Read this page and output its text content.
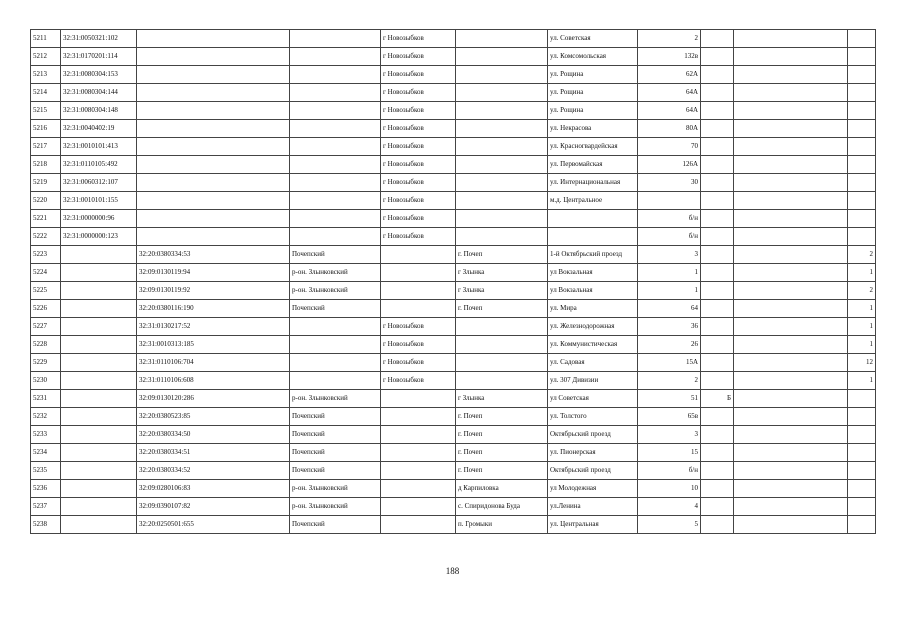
5211	32:31:0050321:102			г Новозыбков		ул. Советская	2			
5212	32:31:0170201:114			г Новозыбков		ул. Комсомольская	132в			
5213	32:31:0080304:153			г Новозыбков		ул. Рощина	62А			
5214	32:31:0080304:144			г Новозыбков		ул. Рощина	64А			
5215	32:31:0080304:148			г Новозыбков		ул. Рощина	64А			
5216	32:31:0040402:19			г Новозыбков		ул. Некрасова	80А			
5217	32:31:0010101:413			г Новозыбков		ул. Красногвардейская	70			
5218	32:31:0110105:492			г Новозыбков		ул. Первомайская	126А			
5219	32:31:0060312:107			г Новозыбков		ул. Интернациональная	30			
5220	32:31:0010101:155			г Новозыбков		м.д. Центральное				
5221	32:31:0000000:96			г Новозыбков			б/н			
5222	32:31:0000000:123			г Новозыбков			б/н			
5223		32:20:0380334:53	Почепский		г. Почеп	1-й Октябрьский проезд	3			2
5224		32:09:0130119:94	р-он. Злынковский		г Злынка	ул Вокзальная	1			1
5225		32:09:0130119:92	р-он. Злынковский		г Злынка	ул Вокзальная	1			2
5226		32:20:0380116:190	Почепский		г. Почеп	ул. Мира	64			1
5227		32:31:0130217:52		г Новозыбков		ул. Железнодорожная	36			1
5228		32:31:0010313:185		г Новозыбков		ул. Коммунистическая	26			1
5229		32:31:0110106:704		г Новозыбков		ул. Садовая	15А			12
5230		32:31:0110106:608		г Новозыбков		ул. 307 Дивизии	2			1
5231		32:09:0130120:286	р-он. Злынковский		г Злынка	ул Советская	51	Б		
5232		32:20:0380523:85	Почепский		г. Почеп	ул. Толстого	65в			
5233		32:20:0380334:50	Почепский		г. Почеп	Октябрьский проезд	3			
5234		32:20:0380334:51	Почепский		г. Почеп	ул. Пионерская	15			
5235		32:20:0380334:52	Почепский		г. Почеп	Октябрьский проезд	б/н			
5236		32:09:0280106:83	р-он. Злынковский		д Карпиловка	ул Молодежная	10			
5237		32:09:0390107:82	р-он. Злынковский		с. Спиридонова Буда	ул.Ленина	4			
5238		32:20:0250501:655	Почепский		п. Громыки	ул. Центральная	5			
188
